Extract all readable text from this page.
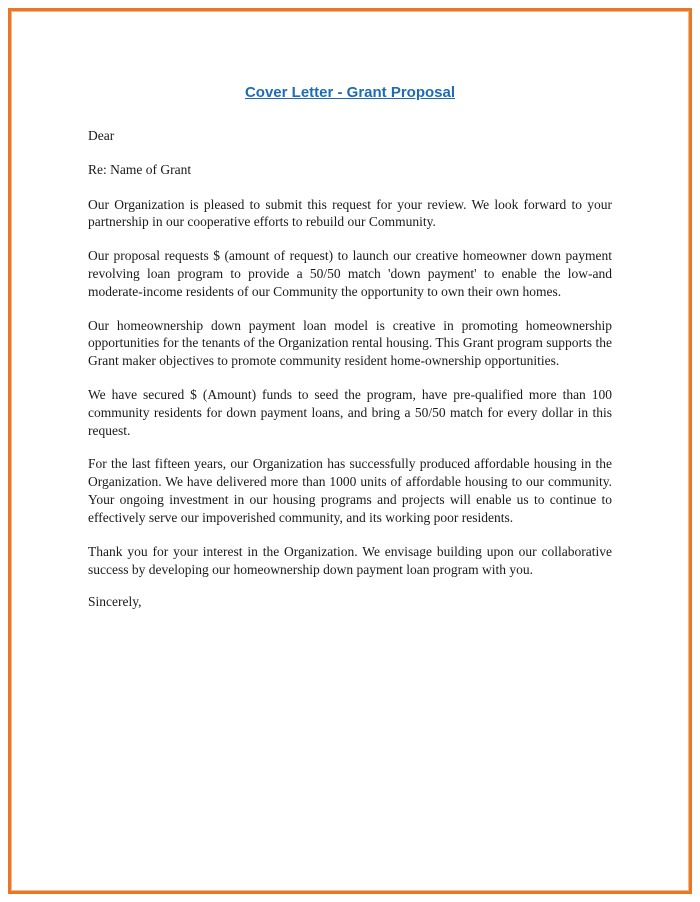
Cover Letter - Grant Proposal

Dear

Re: Name of Grant

Our Organization is pleased to submit this request for your review. We look forward to your partnership in our cooperative efforts to rebuild our Community.

Our proposal requests $ (amount of request) to launch our creative homeowner down payment revolving loan program to provide a 50/50 match 'down payment' to enable the low-and moderate-income residents of our Community the opportunity to own their own homes.

Our homeownership down payment loan model is creative in promoting homeownership opportunities for the tenants of the Organization rental housing. This Grant program supports the Grant maker objectives to promote community resident home-ownership opportunities.

We have secured $ (Amount) funds to seed the program, have pre-qualified more than 100 community residents for down payment loans, and bring a 50/50 match for every dollar in this request.

For the last fifteen years, our Organization has successfully produced affordable housing in the Organization. We have delivered more than 1000 units of affordable housing to our community. Your ongoing investment in our housing programs and projects will enable us to continue to effectively serve our impoverished community, and its working poor residents.

Thank you for your interest in the Organization. We envisage building upon our collaborative success by developing our homeownership down payment loan program with you.

Sincerely,
